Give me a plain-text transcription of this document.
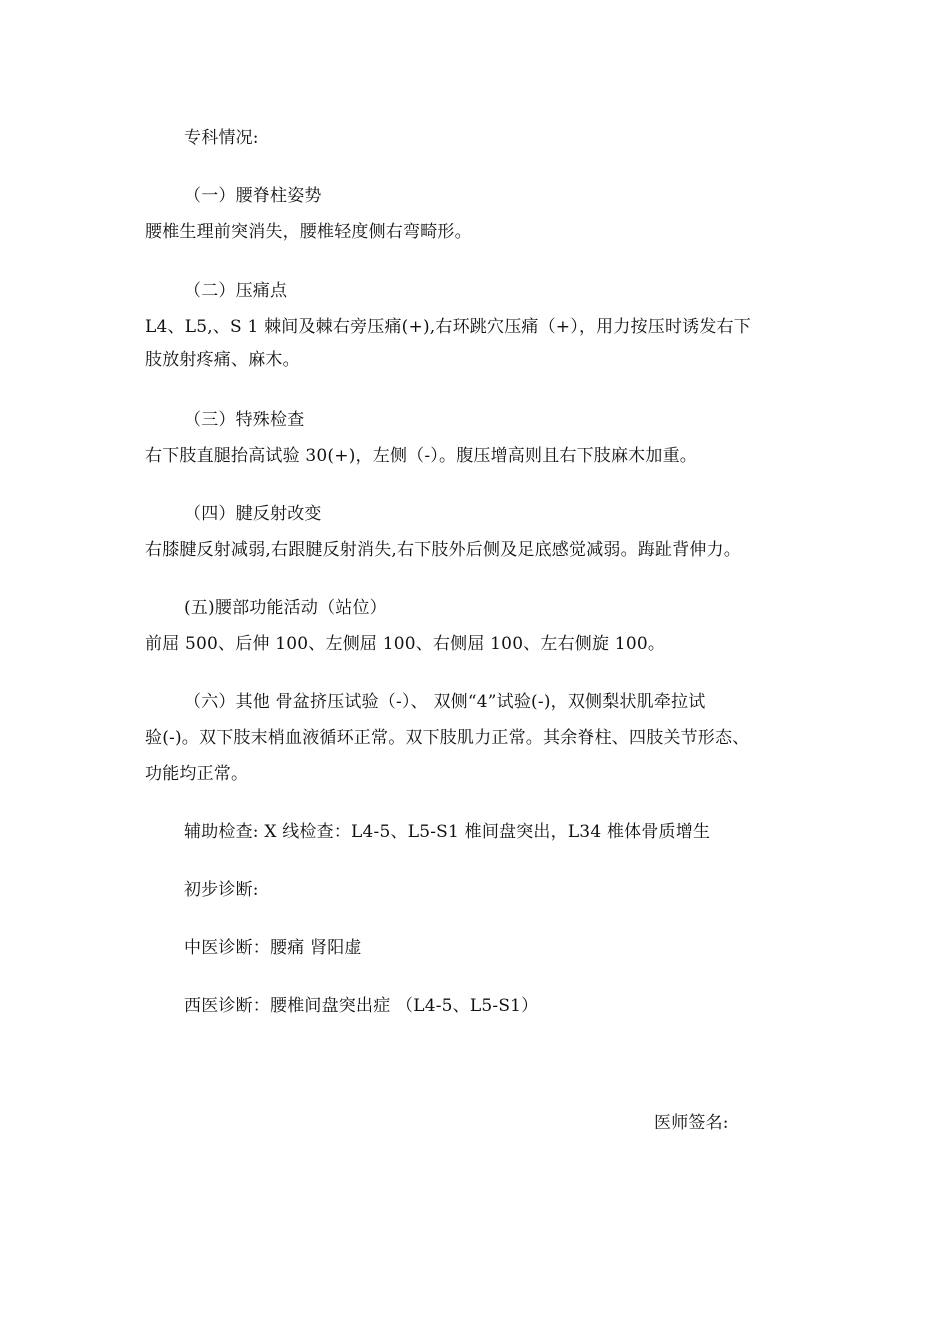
专科情况:
（一）腰脊柱姿势
腰椎生理前突消失，腰椎轻度侧右弯畸形。
（二）压痛点
L4、L5,、S 1 棘间及棘右旁压痛(+),右环跳穴压痛（+），用力按压时诱发右下
肢放射疼痛、麻木。
（三）特殊检查
右下肢直腿抬高试验 30(+)，左侧（-）。腹压增高则且右下肢麻木加重。
（四）腱反射改变
右膝腱反射减弱,右跟腱反射消失,右下肢外后侧及足底感觉减弱。踇趾背伸力。
(五)腰部功能活动（站位）
前屈 500、后伸 100、左侧屈 100、右侧屈 100、左右侧旋 100。
（六）其他 骨盆挤压试验（-）、 双侧“4”试验(-)，双侧梨状肌牵拉试
验(-)。双下肢末梢血液循环正常。双下肢肌力正常。其余脊柱、四肢关节形态、
功能均正常。
辅助检查: X 线检查：L4-5、L5-S1 椎间盘突出，L34 椎体骨质增生
初步诊断:
中医诊断：腰痛 肾阳虚
西医诊断：腰椎间盘突出症 （L4-5、L5-S1）
医师签名:
